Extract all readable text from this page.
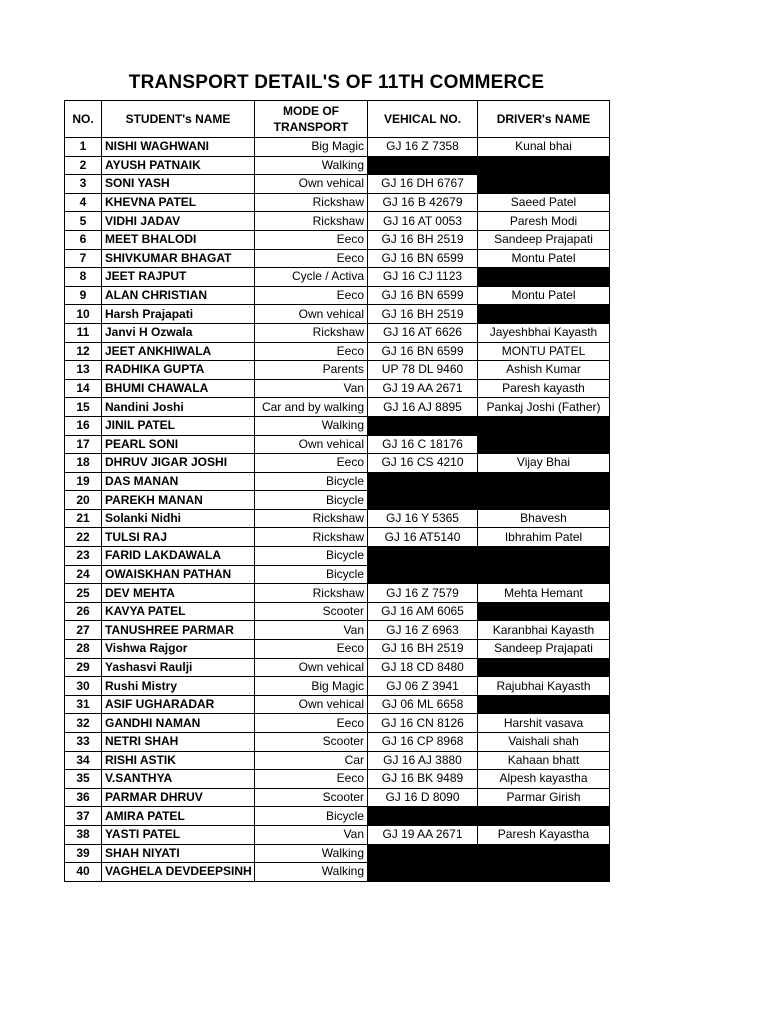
TRANSPORT DETAIL'S OF 11TH COMMERCE
NO.	STUDENT's NAME	MODE OF TRANSPORT	VEHICAL NO.	DRIVER's NAME
1	NISHI WAGHWANI	Big Magic	GJ 16 Z 7358	Kunal bhai
2	AYUSH PATNAIK	Walking		
3	SONI YASH	Own vehical	GJ 16 DH 6767	
4	KHEVNA PATEL	Rickshaw	GJ 16 B 42679	Saeed Patel
5	VIDHI JADAV	Rickshaw	GJ 16 AT 0053	Paresh Modi
6	MEET BHALODI	Eeco	GJ 16 BH 2519	Sandeep Prajapati
7	SHIVKUMAR BHAGAT	Eeco	GJ 16 BN 6599	Montu Patel
8	JEET RAJPUT	Cycle / Activa	GJ 16 CJ 1123	
9	ALAN CHRISTIAN	Eeco	GJ 16 BN 6599	Montu Patel
10	Harsh Prajapati	Own vehical	GJ 16 BH 2519	
11	Janvi H Ozwala	Rickshaw	GJ 16 AT 6626	Jayeshbhai Kayasth
12	JEET ANKHIWALA	Eeco	GJ 16 BN 6599	MONTU PATEL
13	RADHIKA GUPTA	Parents	UP 78 DL 9460	Ashish Kumar
14	BHUMI CHAWALA	Van	GJ 19 AA 2671	Paresh kayasth
15	Nandini Joshi	Car and by walking	GJ 16 AJ 8895	Pankaj Joshi (Father)
16	JINIL PATEL	Walking		
17	PEARL SONI	Own vehical	GJ 16 C 18176	
18	DHRUV JIGAR JOSHI	Eeco	GJ 16 CS 4210	Vijay Bhai
19	DAS MANAN	Bicycle		
20	PAREKH MANAN	Bicycle		
21	Solanki Nidhi	Rickshaw	GJ 16 Y 5365	Bhavesh
22	TULSI RAJ	Rickshaw	GJ 16 AT5140	Ibhrahim Patel
23	FARID LAKDAWALA	Bicycle		
24	OWAISKHAN PATHAN	Bicycle		
25	DEV MEHTA	Rickshaw	GJ 16 Z 7579	Mehta Hemant
26	KAVYA PATEL	Scooter	GJ 16 AM 6065	
27	TANUSHREE PARMAR	Van	GJ 16 Z 6963	Karanbhai Kayasth
28	Vishwa Rajgor	Eeco	GJ 16 BH 2519	Sandeep Prajapati
29	Yashasvi Raulji	Own vehical	GJ 18 CD 8480	
30	Rushi Mistry	Big Magic	GJ 06 Z 3941	Rajubhai Kayasth
31	ASIF UGHARADAR	Own vehical	GJ 06 ML 6658	
32	GANDHI NAMAN	Eeco	GJ 16 CN 8126	Harshit vasava
33	NETRI SHAH	Scooter	GJ 16 CP 8968	Vaishali shah
34	RISHI ASTIK	Car	GJ 16 AJ 3880	Kahaan bhatt
35	V.SANTHYA	Eeco	GJ 16 BK 9489	Alpesh kayastha
36	PARMAR DHRUV	Scooter	GJ 16 D 8090	Parmar Girish
37	AMIRA PATEL	Bicycle		
38	YASTI PATEL	Van	GJ 19 AA 2671	Paresh Kayastha
39	SHAH NIYATI	Walking		
40	VAGHELA DEVDEEPSINH	Walking		
